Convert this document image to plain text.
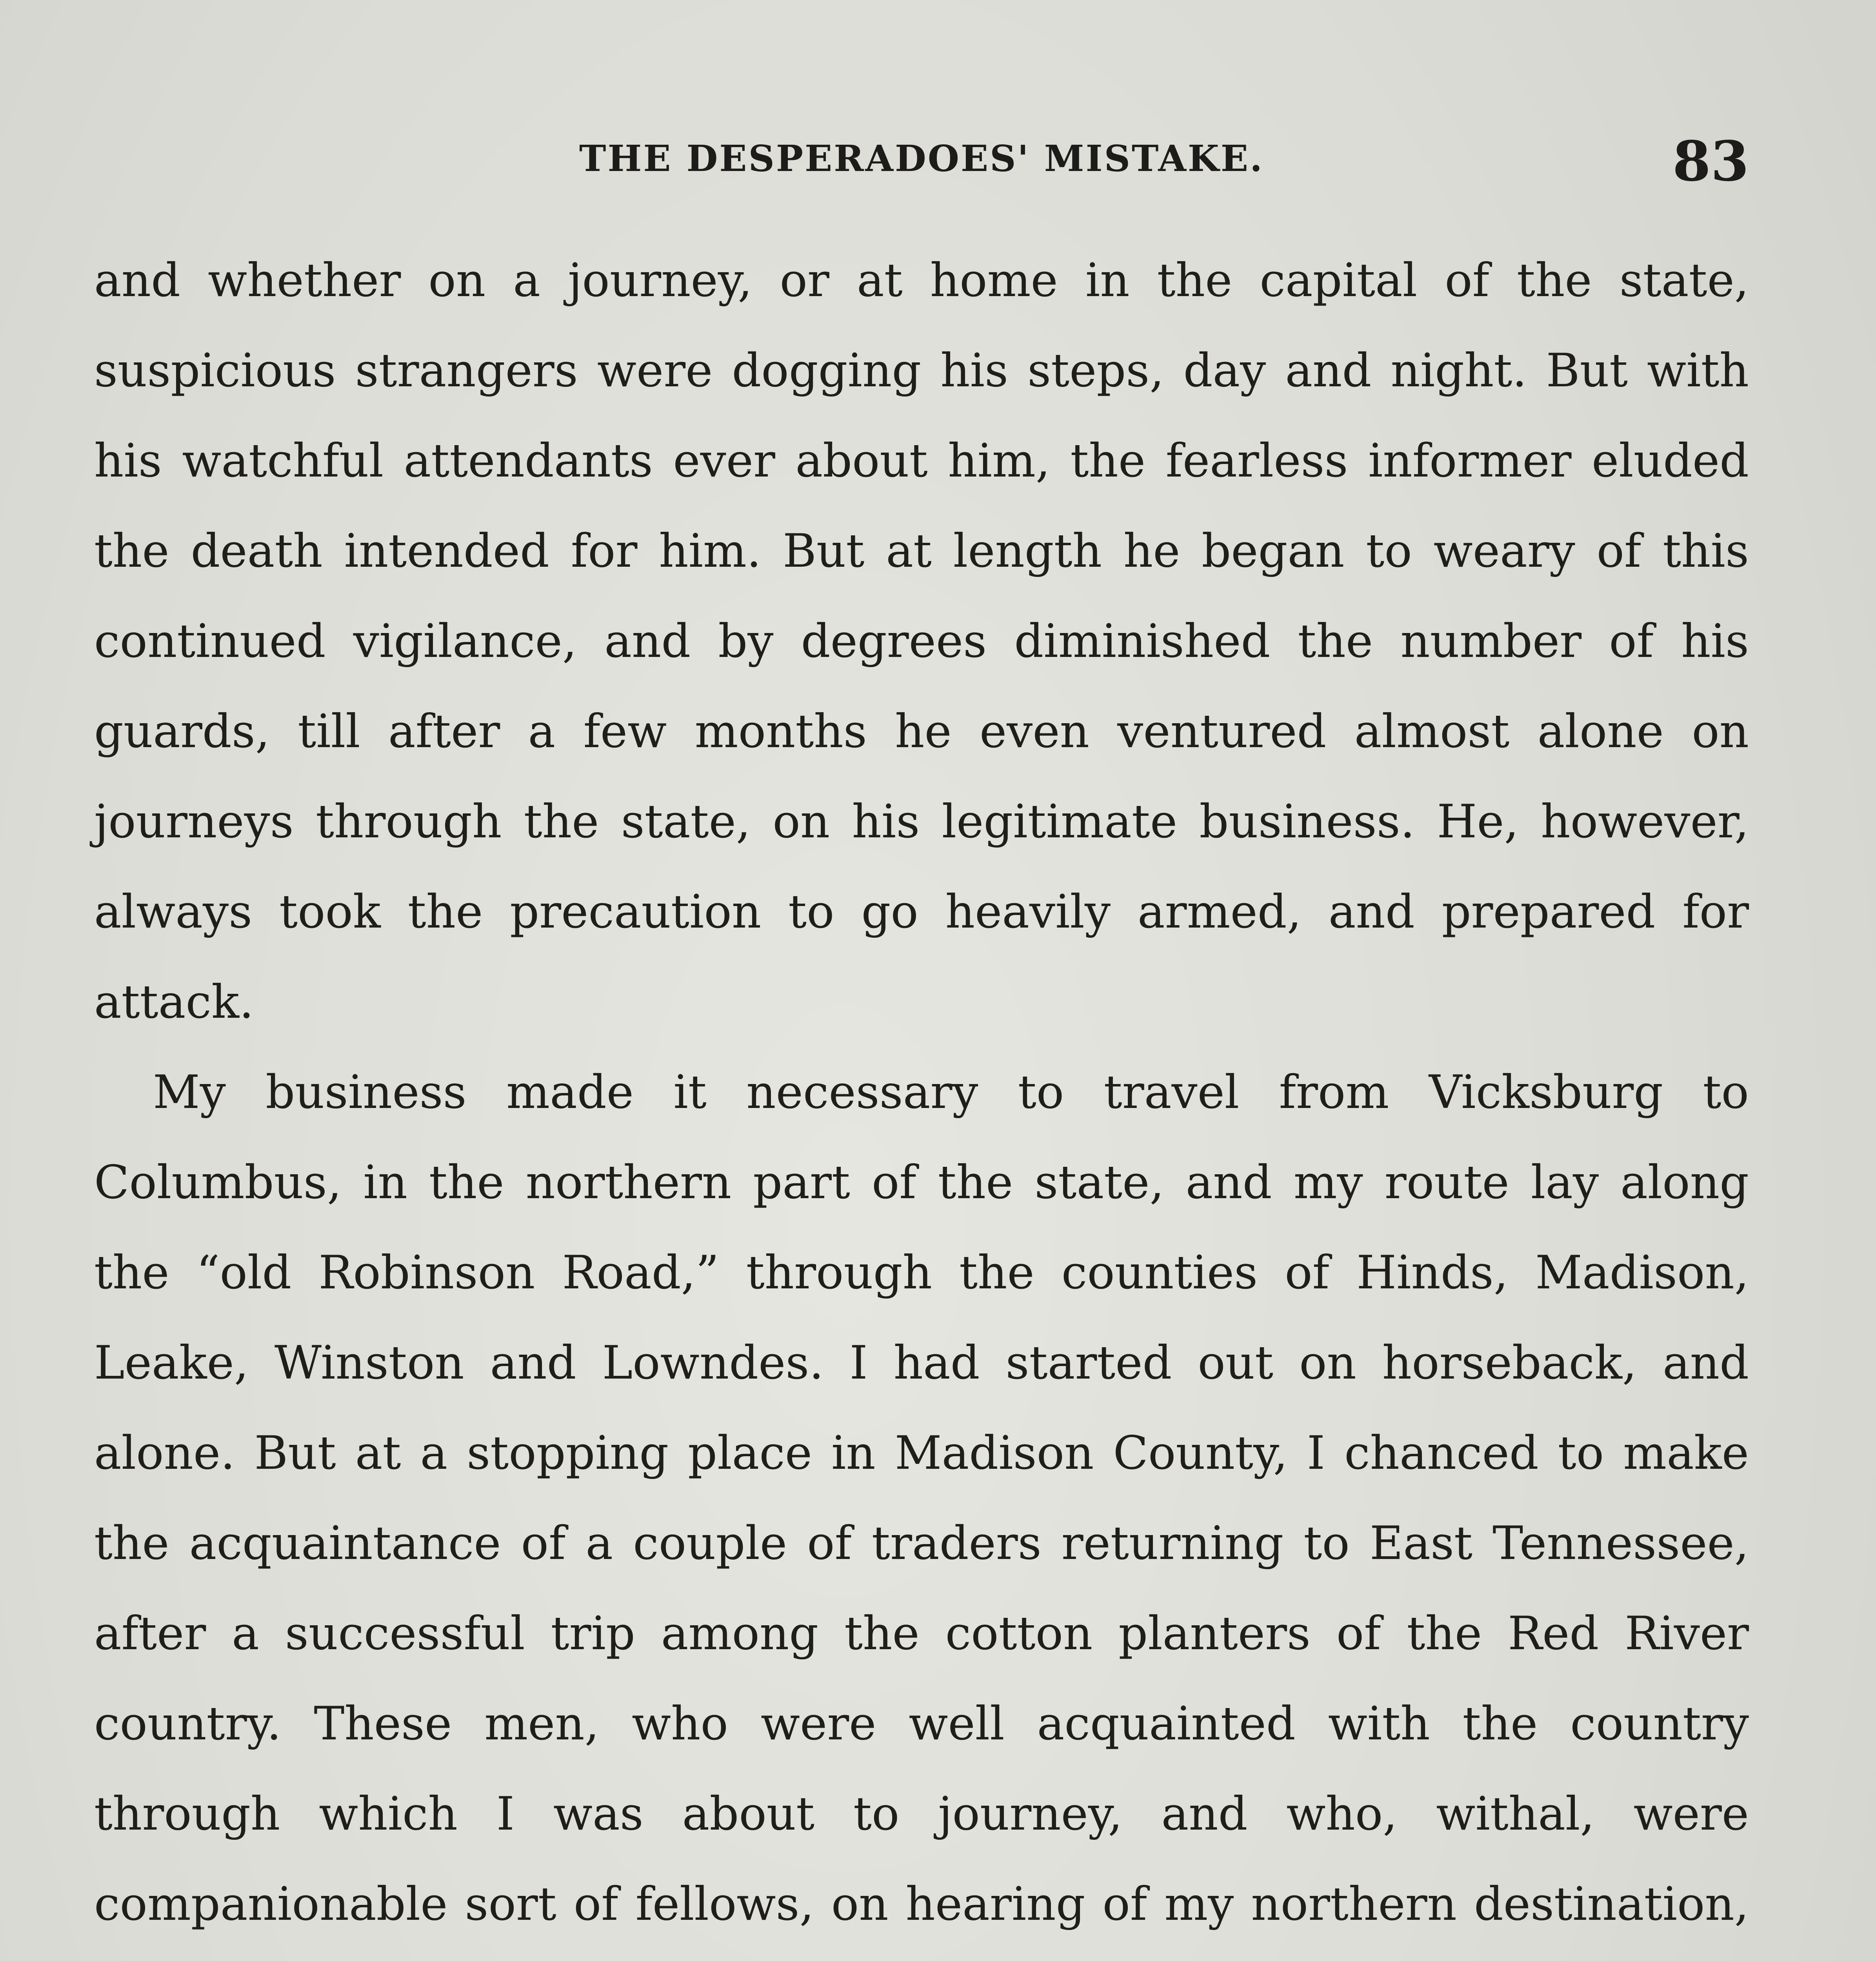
THE DESPERADOES' MISTAKE.	83

and whether on a journey, or at home in the capital of the state, suspicious strangers were dogging his steps, day and night. But with his watchful attendants ever about him, the fearless informer eluded the death intended for him. But at length he began to weary of this continued vigilance, and by degrees diminished the number of his guards, till after a few months he even ventured almost alone on journeys through the state, on his legitimate business. He, however, always took the precaution to go heavily armed, and prepared for attack.

My business made it necessary to travel from Vicksburg to Columbus, in the northern part of the state, and my route lay along the “old Robinson Road,” through the counties of Hinds, Madison, Leake, Winston and Lowndes. I had started out on horseback, and alone. But at a stopping place in Madison County, I chanced to make the acquaintance of a couple of traders returning to East Tennessee, after a successful trip among the cotton planters of the Red River country. These men, who were well acquainted with the country through which I was about to journey, and who, withal, were companionable sort of fellows, on hearing of my northern destination,
